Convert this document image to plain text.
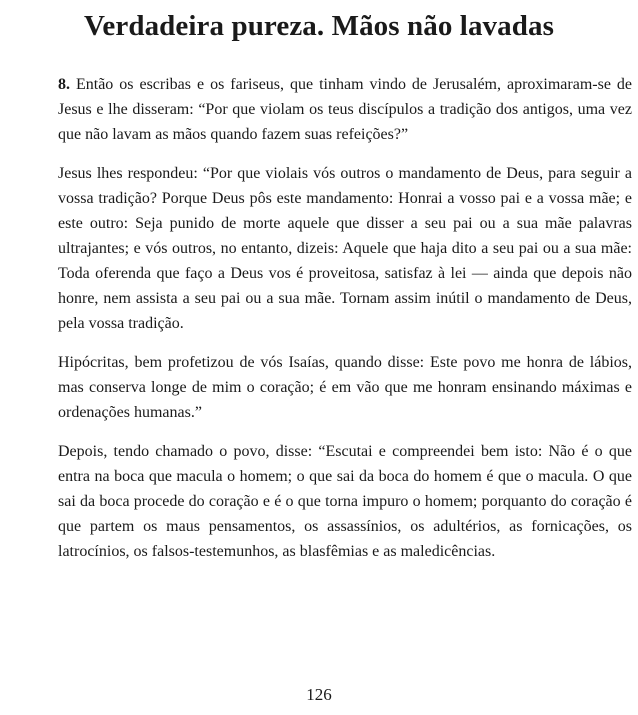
Verdadeira pureza. Mãos não lavadas

8. Então os escribas e os fariseus, que tinham vindo de Jerusalém, aproximaram-se de Jesus e lhe disseram: “Por que violam os teus discípulos a tradição dos antigos, uma vez que não lavam as mãos quando fazem suas refeições?”

Jesus lhes respondeu: “Por que violais vós outros o mandamento de Deus, para seguir a vossa tradição? Porque Deus pôs este mandamento: Honrai a vosso pai e a vossa mãe; e este outro: Seja punido de morte aquele que disser a seu pai ou a sua mãe palavras ultrajantes; e vós outros, no entanto, dizeis: Aquele que haja dito a seu pai ou a sua mãe: Toda oferenda que faço a Deus vos é proveitosa, satisfaz à lei — ainda que depois não honre, nem assista a seu pai ou a sua mãe. Tornam assim inútil o mandamento de Deus, pela vossa tradição.

Hipócritas, bem profetizou de vós Isaías, quando disse: Este povo me honra de lábios, mas conserva longe de mim o coração; é em vão que me honram ensinando máximas e ordenações humanas.”

Depois, tendo chamado o povo, disse: “Escutai e compreendei bem isto: Não é o que entra na boca que macula o homem; o que sai da boca do homem é que o macula. O que sai da boca procede do coração e é o que torna impuro o homem; porquanto do coração é que partem os maus pensamentos, os assassínios, os adultérios, as fornicações, os latrocínios, os falsos-testemunhos, as blasfêmias e as maledicências.

126
